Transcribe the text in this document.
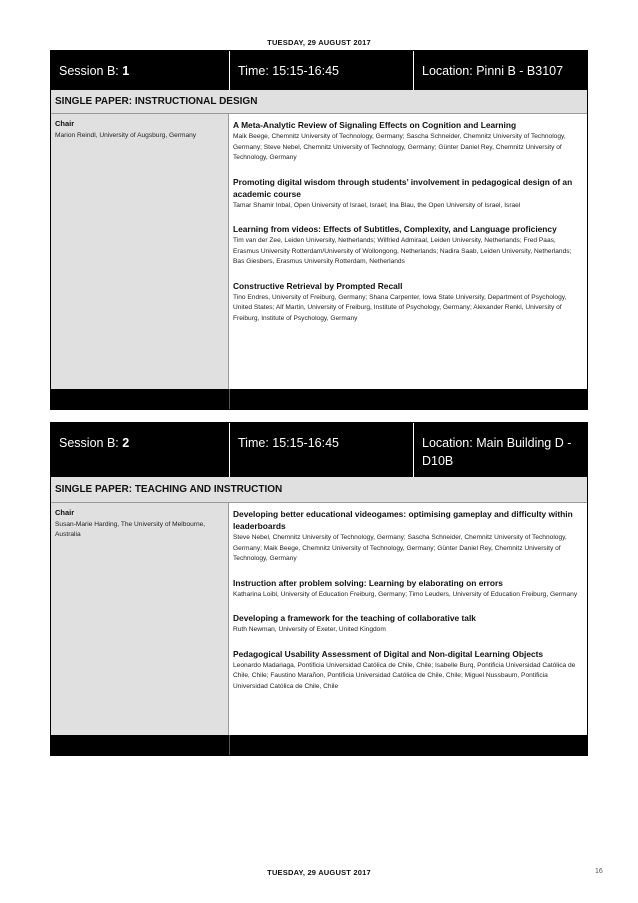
TUESDAY, 29 AUGUST 2017
Session B: 1	Time: 15:15-16:45	Location: Pinni B - B3107
SINGLE PAPER: INSTRUCTIONAL DESIGN
Chair
Marion Reindl, University of Augsburg, Germany
A Meta-Analytic Review of Signaling Effects on Cognition and Learning
Maik Beege, Chemnitz University of Technology, Germany; Sascha Schneider, Chemnitz University of Technology, Germany; Steve Nebel, Chemnitz University of Technology, Germany; Günter Daniel Rey, Chemnitz University of Technology, Germany
Promoting digital wisdom through students’ involvement in pedagogical design of an academic course
Tamar Shamir Inbal, Open University of Israel, Israel; Ina Blau, the Open University of Israel, Israel
Learning from videos: Effects of Subtitles, Complexity, and Language proficiency
Tim van der Zee, Leiden University, Netherlands; Wilfried Admiraal, Leiden University, Netherlands; Fred Paas, Erasmus University Rotterdam/University of Wollongong, Netherlands; Nadira Saab, Leiden University, Netherlands; Bas Giesbers, Erasmus University Rotterdam, Netherlands
Constructive Retrieval by Prompted Recall
Tino Endres, University of Freiburg, Germany; Shana Carpenter, Iowa State University, Department of Psychology, United States; Alf Martin, University of Freiburg, Institute of Psychology, Germany; Alexander Renkl, University of Freiburg, Institute of Psychology, Germany
Session B: 2	Time: 15:15-16:45	Location: Main Building D - D10B
SINGLE PAPER: TEACHING AND INSTRUCTION
Chair
Susan-Marie Harding, The University of Melbourne, Australia
Developing better educational videogames: optimising gameplay and difficulty within leaderboards
Steve Nebel, Chemnitz University of Technology, Germany; Sascha Schneider, Chemnitz University of Technology, Germany; Maik Beege, Chemnitz University of Technology, Germany; Günter Daniel Rey, Chemnitz University of Technology, Germany
Instruction after problem solving: Learning by elaborating on errors
Katharina Loibl, University of Education Freiburg, Germany; Timo Leuders, University of Education Freiburg, Germany
Developing a framework for the teaching of collaborative talk
Ruth Newman, University of Exeter, United Kingdom
Pedagogical Usability Assessment of Digital and Non-digital Learning Objects
Leonardo Madariaga, Pontificia Universidad Católica de Chile, Chile; Isabelle Burq, Pontificia Universidad Católica de Chile, Chile; Faustino Marañon, Pontificia Universidad Católica de Chile, Chile; Miguel Nussbaum, Pontificia Universidad Católica de Chile, Chile
TUESDAY, 29 AUGUST 2017	16
